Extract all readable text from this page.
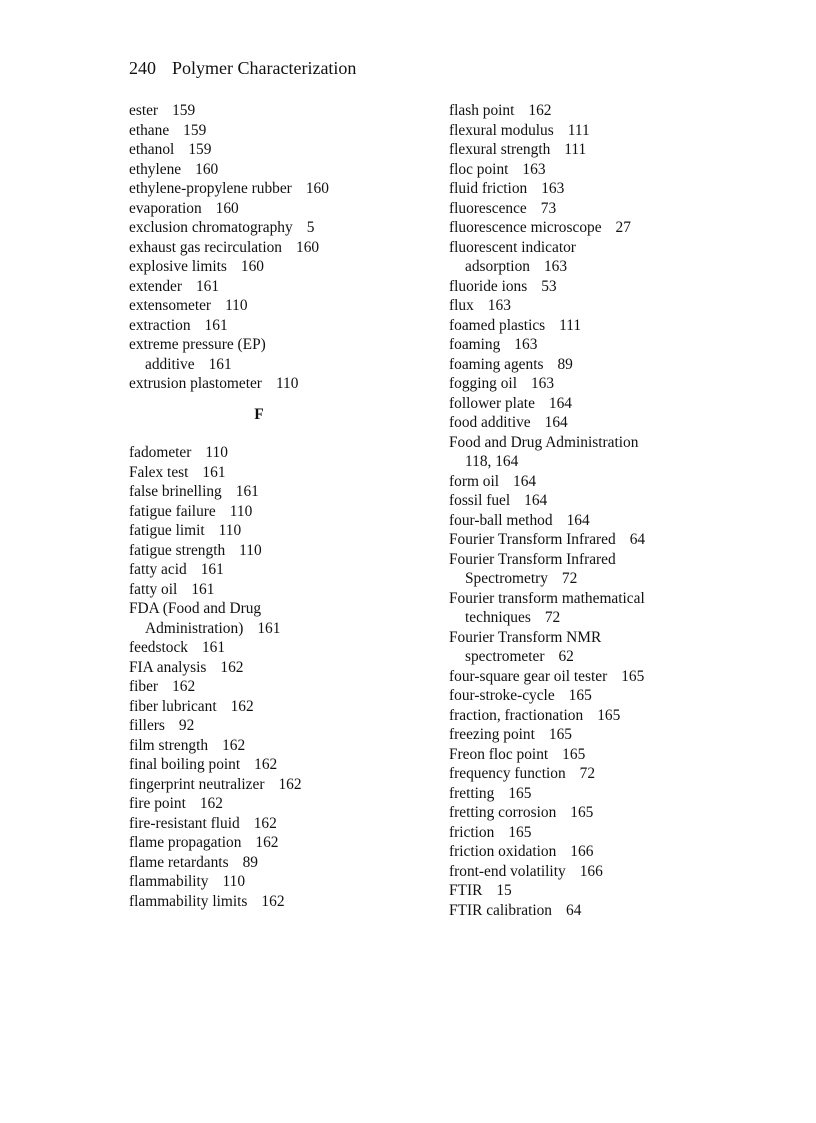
240 Polymer Characterization
ester 159
ethane 159
ethanol 159
ethylene 160
ethylene-propylene rubber 160
evaporation 160
exclusion chromatography 5
exhaust gas recirculation 160
explosive limits 160
extender 161
extensometer 110
extraction 161
extreme pressure (EP)
additive 161
extrusion plastometer 110
F
fadometer 110
Falex test 161
false brinelling 161
fatigue failure 110
fatigue limit 110
fatigue strength 110
fatty acid 161
fatty oil 161
FDA (Food and Drug
Administration) 161
feedstock 161
FIA analysis 162
fiber 162
fiber lubricant 162
fillers 92
film strength 162
final boiling point 162
fingerprint neutralizer 162
fire point 162
fire-resistant fluid 162
flame propagation 162
flame retardants 89
flammability 110
flammability limits 162
flash point 162
flexural modulus 111
flexural strength 111
floc point 163
fluid friction 163
fluorescence 73
fluorescence microscope 27
fluorescent indicator
adsorption 163
fluoride ions 53
flux 163
foamed plastics 111
foaming 163
foaming agents 89
fogging oil 163
follower plate 164
food additive 164
Food and Drug Administration
118, 164
form oil 164
fossil fuel 164
four-ball method 164
Fourier Transform Infrared 64
Fourier Transform Infrared
Spectrometry 72
Fourier transform mathematical
techniques 72
Fourier Transform NMR
spectrometer 62
four-square gear oil tester 165
four-stroke-cycle 165
fraction, fractionation 165
freezing point 165
Freon floc point 165
frequency function 72
fretting 165
fretting corrosion 165
friction 165
friction oxidation 166
front-end volatility 166
FTIR 15
FTIR calibration 64
